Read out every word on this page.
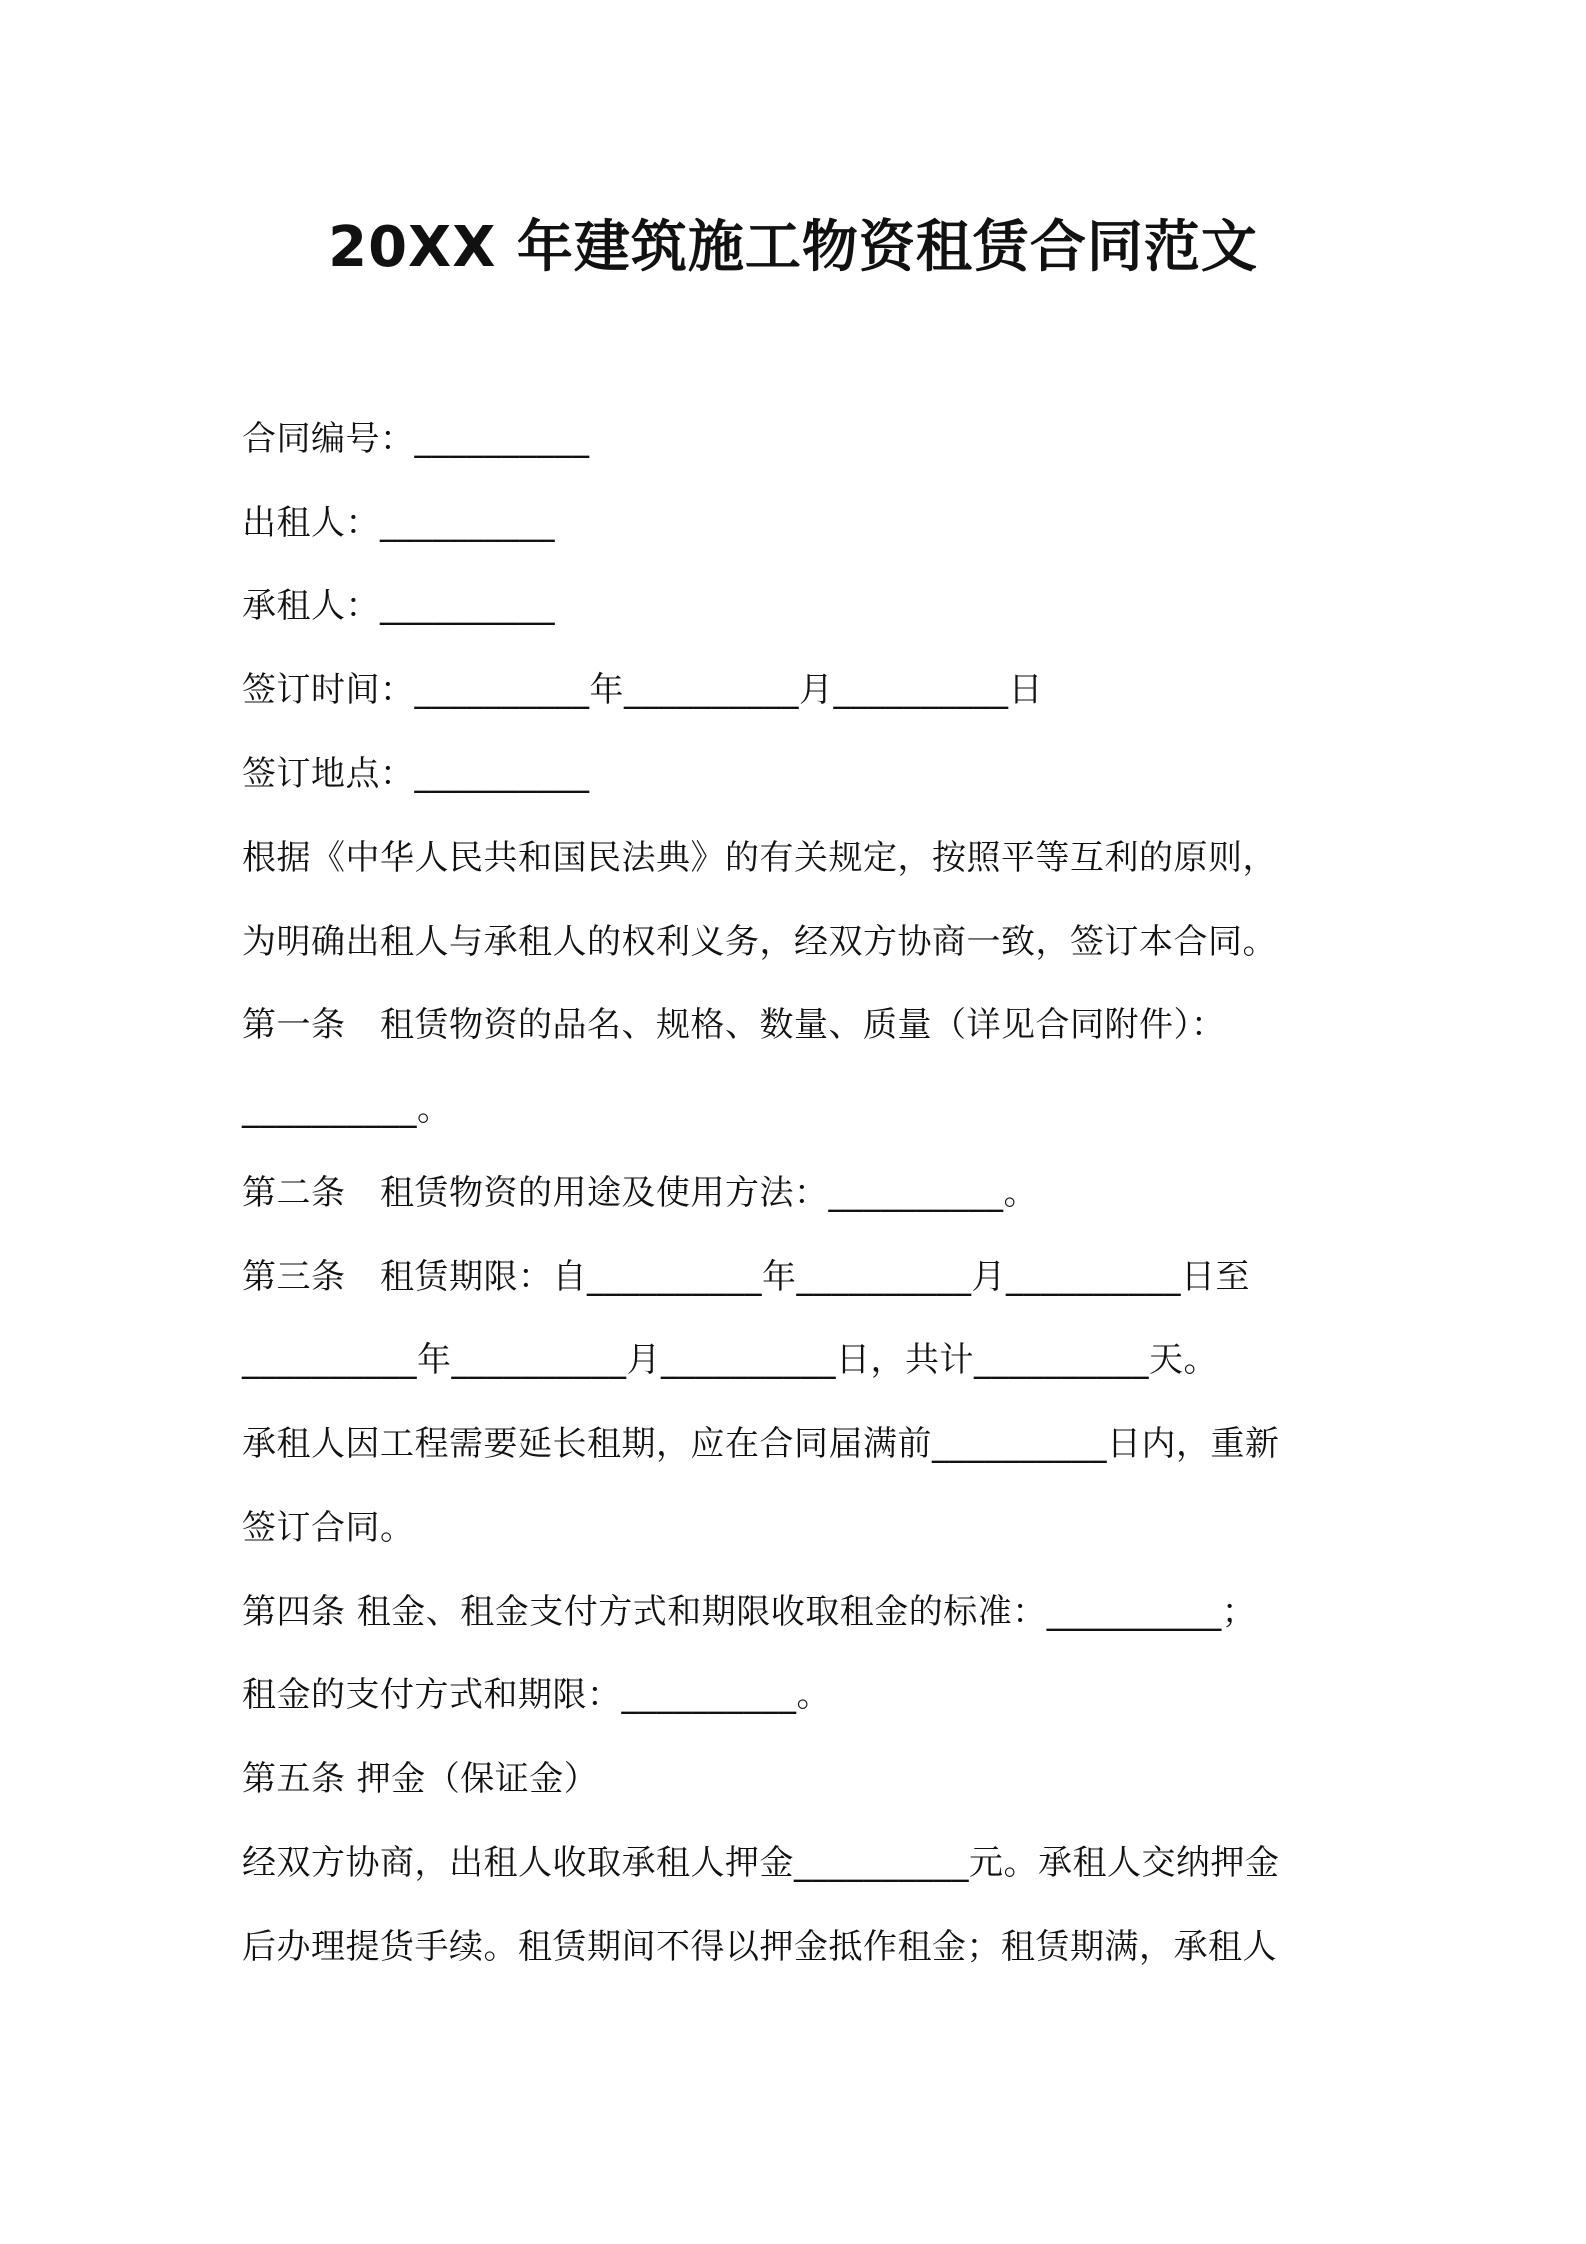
20XX 年建筑施工物资租赁合同范文
合同编号：__________
出租人：__________
承租人：__________
签订时间：__________年__________月__________日
签订地点：__________
根据《中华人民共和国民法典》的有关规定，按照平等互利的原则，
为明确出租人与承租人的权利义务，经双方协商一致，签订本合同。
第一条　租赁物资的品名、规格、数量、质量（详见合同附件）：
__________。
第二条　租赁物资的用途及使用方法：__________。
第三条　租赁期限：自__________年__________月__________日至
__________年__________月__________日，共计__________天。
承租人因工程需要延长租期，应在合同届满前__________日内，重新
签订合同。
第四条 租金、租金支付方式和期限收取租金的标准：__________；
租金的支付方式和期限：__________。
第五条 押金（保证金）
经双方协商，出租人收取承租人押金__________元。承租人交纳押金
后办理提货手续。租赁期间不得以押金抵作租金；租赁期满，承租人
